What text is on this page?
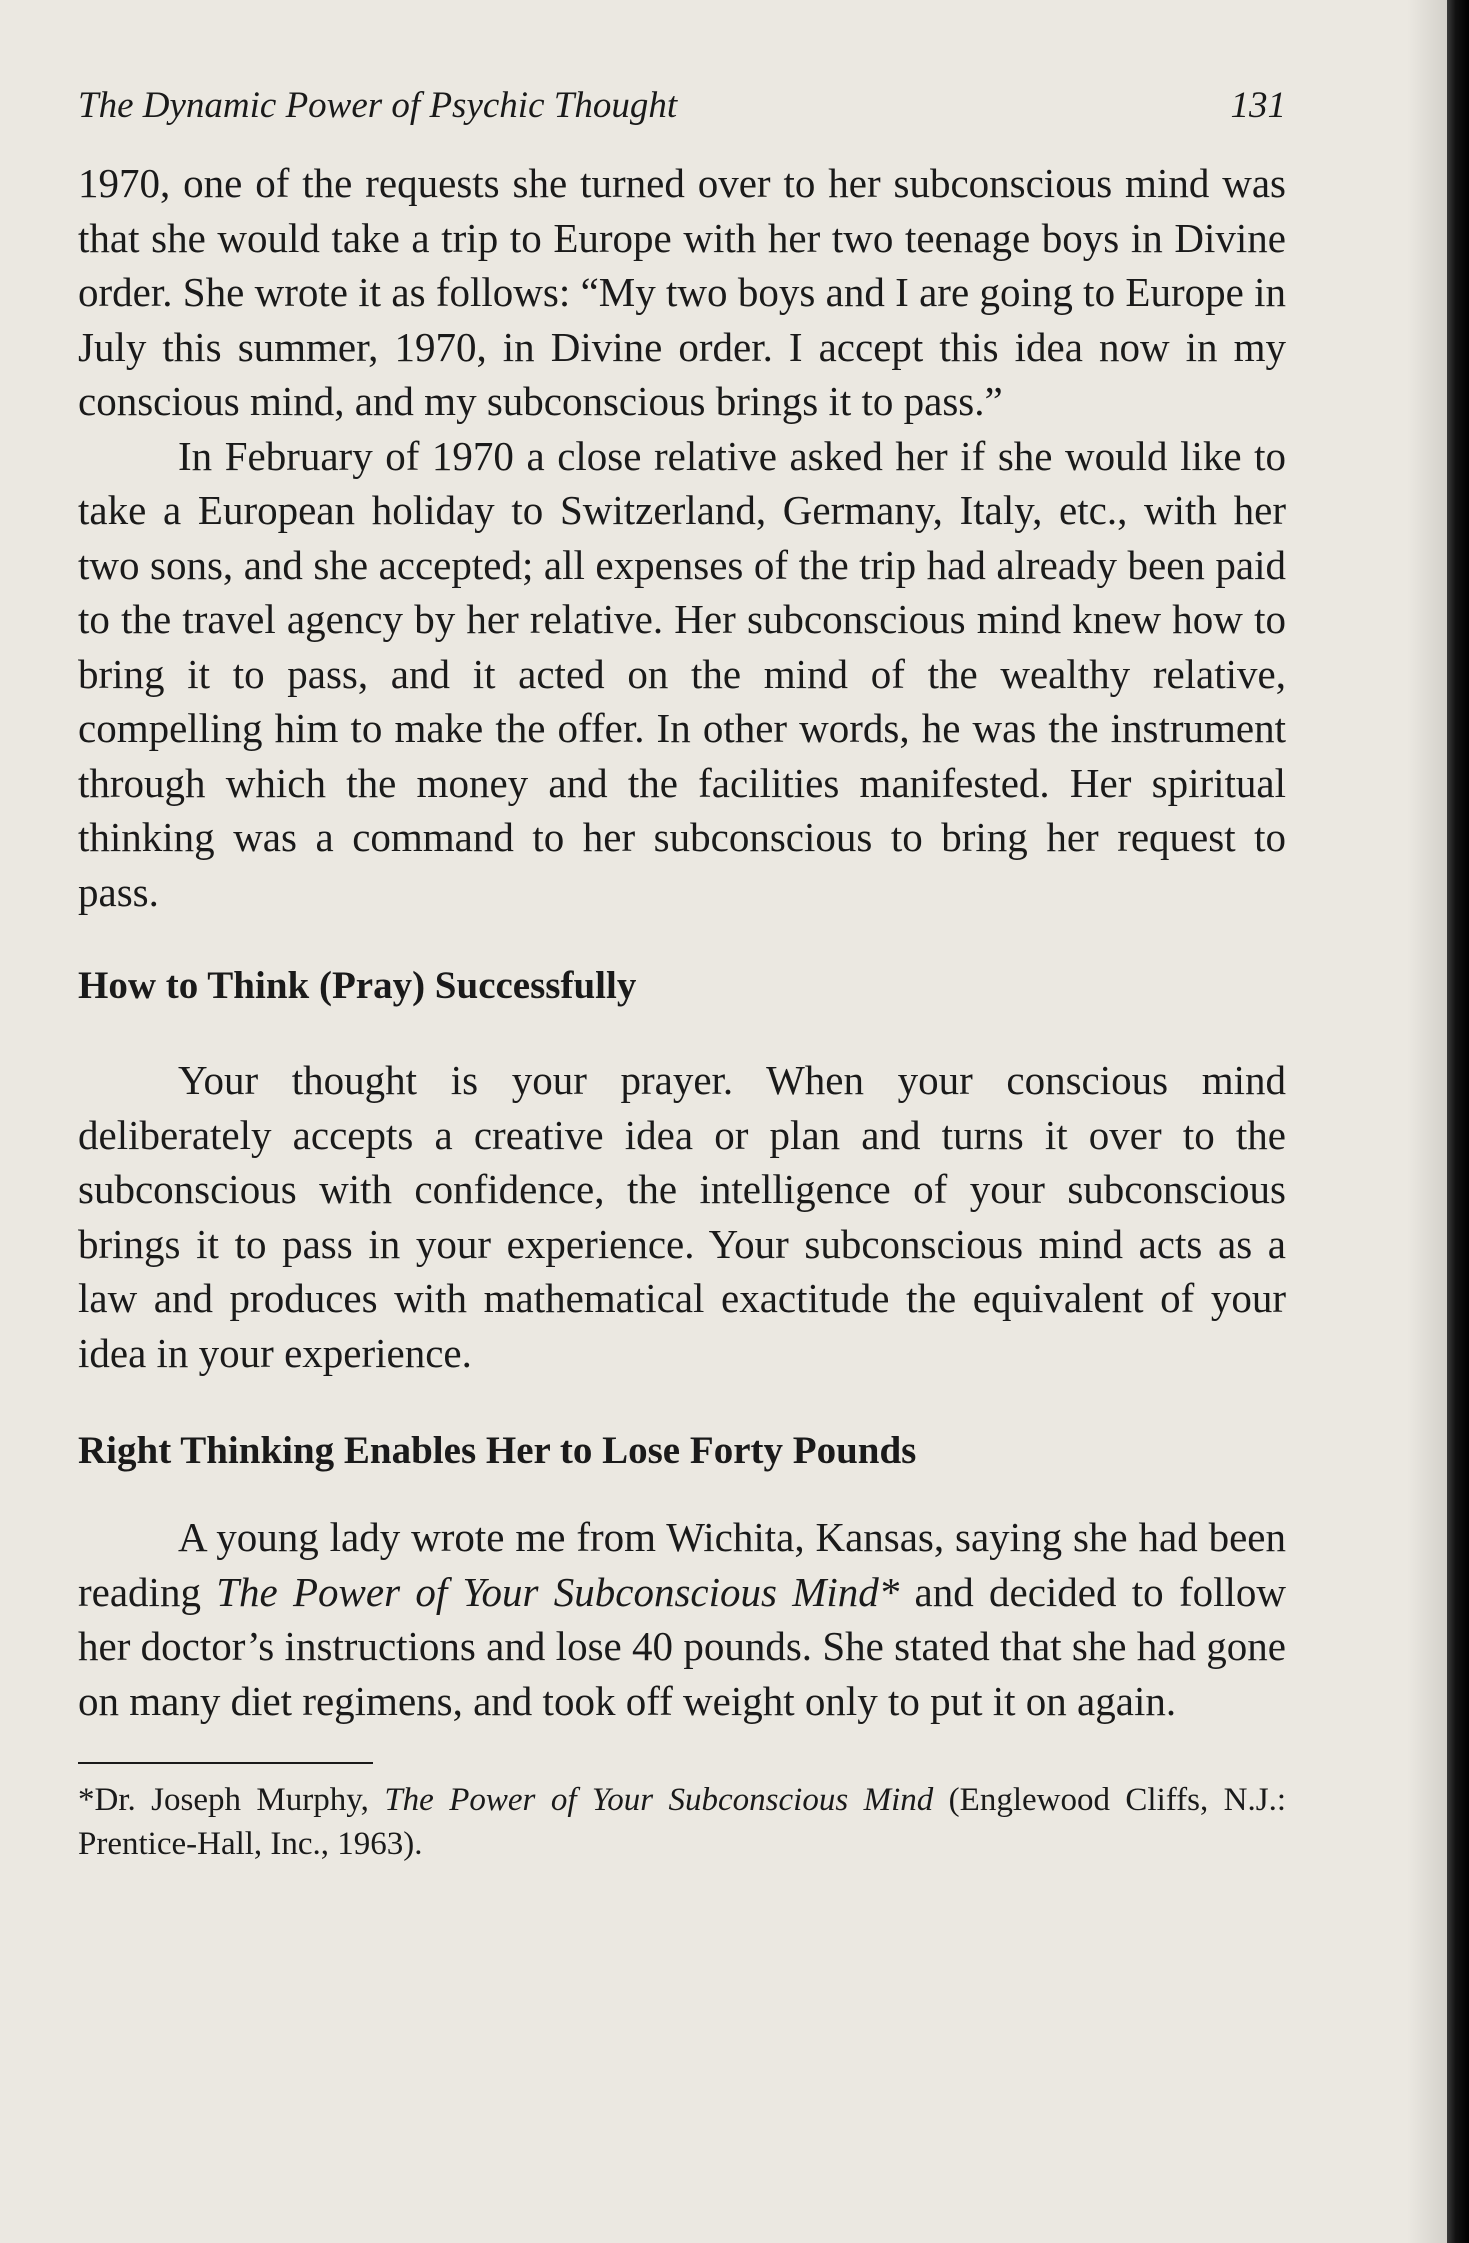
The Dynamic Power of Psychic Thought	131

1970, one of the requests she turned over to her subconscious mind was that she would take a trip to Europe with her two teenage boys in Divine order. She wrote it as follows: “My two boys and I are going to Europe in July this summer, 1970, in Divine order. I accept this idea now in my conscious mind, and my subconscious brings it to pass.”

In February of 1970 a close relative asked her if she would like to take a European holiday to Switzerland, Germany, Italy, etc., with her two sons, and she accepted; all expenses of the trip had already been paid to the travel agency by her relative. Her subconscious mind knew how to bring it to pass, and it acted on the mind of the wealthy relative, compelling him to make the offer. In other words, he was the instrument through which the money and the facilities manifested. Her spiritual thinking was a command to her subconscious to bring her request to pass.

How to Think (Pray) Successfully

Your thought is your prayer. When your conscious mind deliberately accepts a creative idea or plan and turns it over to the subconscious with confidence, the intelligence of your subconscious brings it to pass in your experience. Your subconscious mind acts as a law and produces with mathematical exactitude the equivalent of your idea in your experience.

Right Thinking Enables Her to Lose Forty Pounds

A young lady wrote me from Wichita, Kansas, saying she had been reading The Power of Your Subconscious Mind* and decided to follow her doctor’s instructions and lose 40 pounds. She stated that she had gone on many diet regimens, and took off weight only to put it on again.

*Dr. Joseph Murphy, The Power of Your Subconscious Mind (Englewood Cliffs, N.J.: Prentice-Hall, Inc., 1963).
